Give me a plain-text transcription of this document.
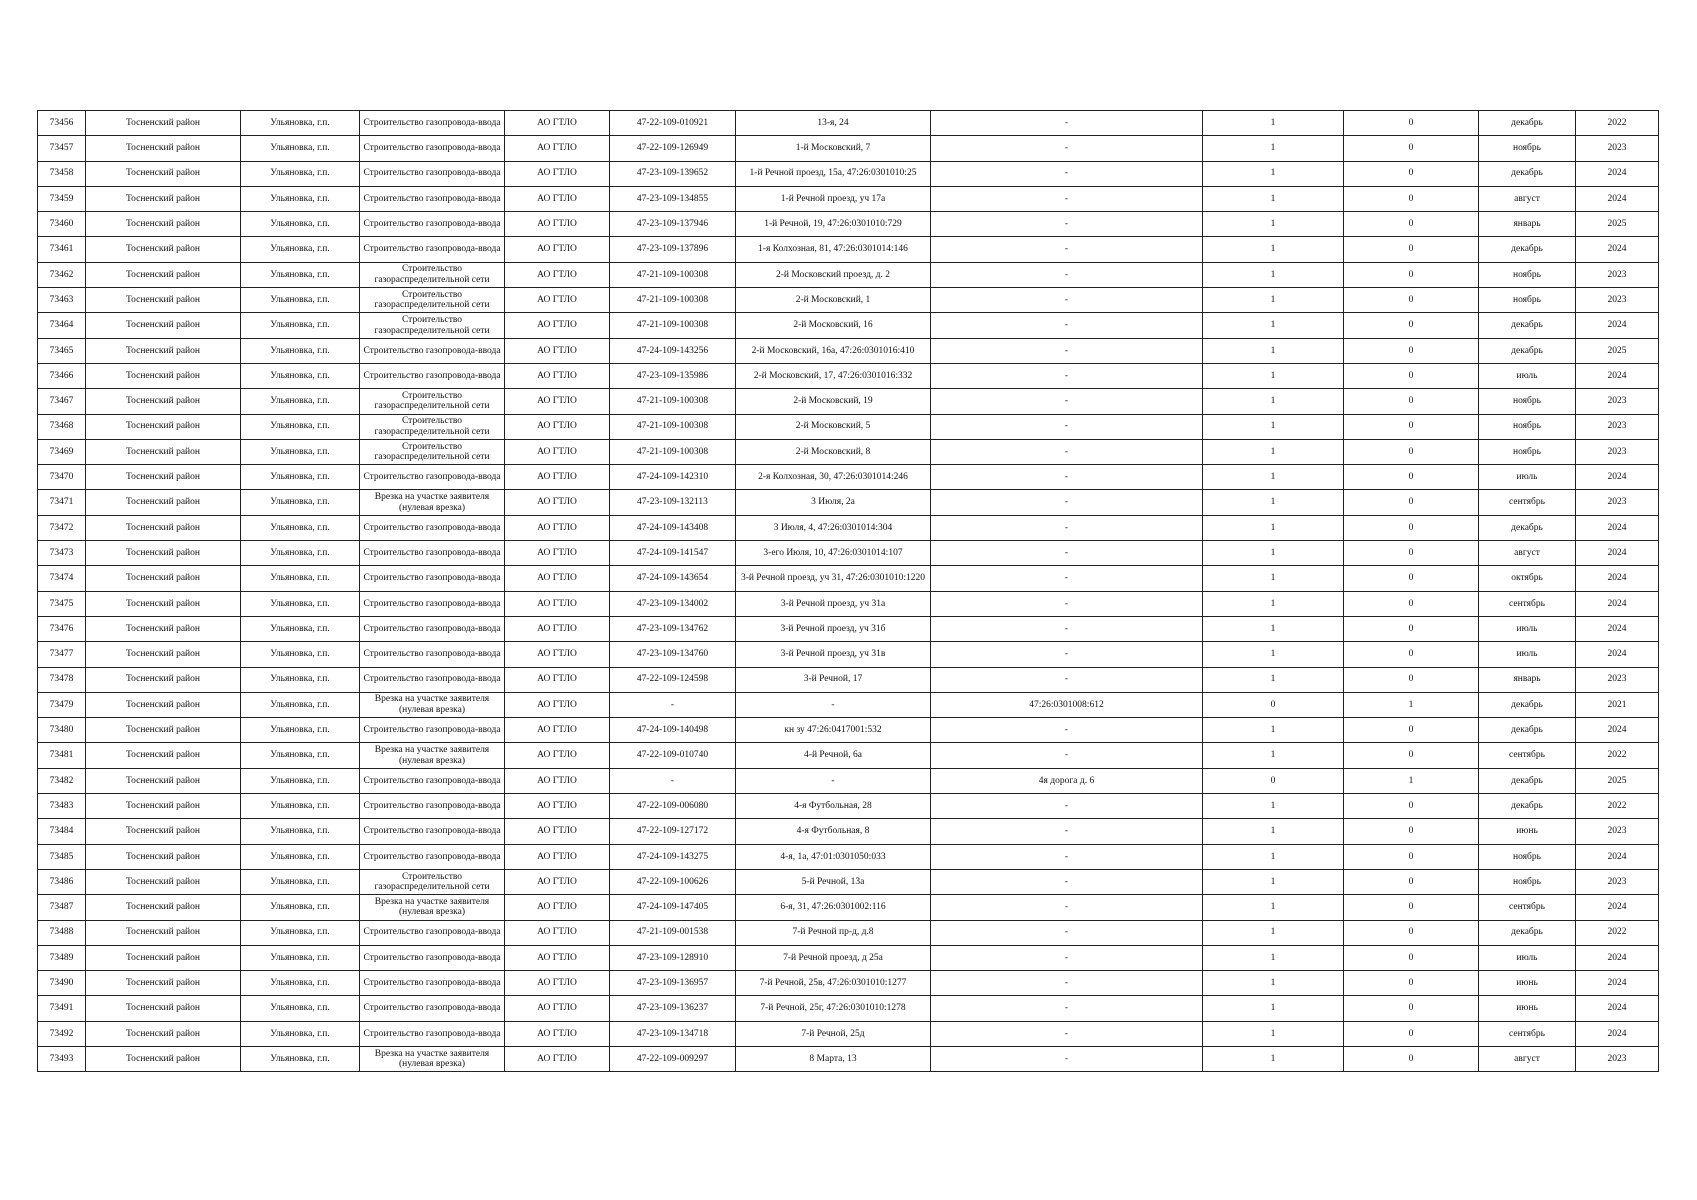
73456	Тосненский район	Ульяновка, г.п.	Строительство газопровода-ввода	АО ГТЛО	47-22-109-010921	13-я, 24	-	1	0	декабрь	2022
73457	Тосненский район	Ульяновка, г.п.	Строительство газопровода-ввода	АО ГТЛО	47-22-109-126949	1-й Московский, 7	-	1	0	ноябрь	2023
73458	Тосненский район	Ульяновка, г.п.	Строительство газопровода-ввода	АО ГТЛО	47-23-109-139652	1-й Речной проезд, 15а, 47:26:0301010:25	-	1	0	декабрь	2024
73459	Тосненский район	Ульяновка, г.п.	Строительство газопровода-ввода	АО ГТЛО	47-23-109-134855	1-й Речной проезд, уч 17а	-	1	0	август	2024
73460	Тосненский район	Ульяновка, г.п.	Строительство газопровода-ввода	АО ГТЛО	47-23-109-137946	1-й Речной, 19, 47:26:0301010:729	-	1	0	январь	2025
73461	Тосненский район	Ульяновка, г.п.	Строительство газопровода-ввода	АО ГТЛО	47-23-109-137896	1-я Колхозная, 81, 47:26:0301014:146	-	1	0	декабрь	2024
73462	Тосненский район	Ульяновка, г.п.	Строительство газораспределительной сети	АО ГТЛО	47-21-109-100308	2-й Московский проезд, д. 2	-	1	0	ноябрь	2023
73463	Тосненский район	Ульяновка, г.п.	Строительство газораспределительной сети	АО ГТЛО	47-21-109-100308	2-й Московский, 1	-	1	0	ноябрь	2023
73464	Тосненский район	Ульяновка, г.п.	Строительство газораспределительной сети	АО ГТЛО	47-21-109-100308	2-й Московский, 16	-	1	0	декабрь	2024
73465	Тосненский район	Ульяновка, г.п.	Строительство газопровода-ввода	АО ГТЛО	47-24-109-143256	2-й Московский, 16а, 47:26:0301016:410	-	1	0	декабрь	2025
73466	Тосненский район	Ульяновка, г.п.	Строительство газопровода-ввода	АО ГТЛО	47-23-109-135986	2-й Московский, 17, 47:26:0301016:332	-	1	0	июль	2024
73467	Тосненский район	Ульяновка, г.п.	Строительство газораспределительной сети	АО ГТЛО	47-21-109-100308	2-й Московский, 19	-	1	0	ноябрь	2023
73468	Тосненский район	Ульяновка, г.п.	Строительство газораспределительной сети	АО ГТЛО	47-21-109-100308	2-й Московский, 5	-	1	0	ноябрь	2023
73469	Тосненский район	Ульяновка, г.п.	Строительство газораспределительной сети	АО ГТЛО	47-21-109-100308	2-й Московский, 8	-	1	0	ноябрь	2023
73470	Тосненский район	Ульяновка, г.п.	Строительство газопровода-ввода	АО ГТЛО	47-24-109-142310	2-я Колхозная, 30, 47:26:0301014:246	-	1	0	июль	2024
73471	Тосненский район	Ульяновка, г.п.	Врезка на участке заявителя (нулевая врезка)	АО ГТЛО	47-23-109-132113	3 Июля, 2а	-	1	0	сентябрь	2023
73472	Тосненский район	Ульяновка, г.п.	Строительство газопровода-ввода	АО ГТЛО	47-24-109-143408	3 Июля, 4, 47:26:0301014:304	-	1	0	декабрь	2024
73473	Тосненский район	Ульяновка, г.п.	Строительство газопровода-ввода	АО ГТЛО	47-24-109-141547	3-его Июля, 10, 47:26:0301014:107	-	1	0	август	2024
73474	Тосненский район	Ульяновка, г.п.	Строительство газопровода-ввода	АО ГТЛО	47-24-109-143654	3-й Речной проезд, уч 31, 47:26:0301010:1220	-	1	0	октябрь	2024
73475	Тосненский район	Ульяновка, г.п.	Строительство газопровода-ввода	АО ГТЛО	47-23-109-134002	3-й Речной проезд, уч 31а	-	1	0	сентябрь	2024
73476	Тосненский район	Ульяновка, г.п.	Строительство газопровода-ввода	АО ГТЛО	47-23-109-134762	3-й Речной проезд, уч 31б	-	1	0	июль	2024
73477	Тосненский район	Ульяновка, г.п.	Строительство газопровода-ввода	АО ГТЛО	47-23-109-134760	3-й Речной проезд, уч 31в	-	1	0	июль	2024
73478	Тосненский район	Ульяновка, г.п.	Строительство газопровода-ввода	АО ГТЛО	47-22-109-124598	3-й Речной, 17	-	1	0	январь	2023
73479	Тосненский район	Ульяновка, г.п.	Врезка на участке заявителя (нулевая врезка)	АО ГТЛО	-	-	47:26:0301008:612	0	1	декабрь	2021
73480	Тосненский район	Ульяновка, г.п.	Строительство газопровода-ввода	АО ГТЛО	47-24-109-140498	кн зу 47:26:0417001:532	-	1	0	декабрь	2024
73481	Тосненский район	Ульяновка, г.п.	Врезка на участке заявителя (нулевая врезка)	АО ГТЛО	47-22-109-010740	4-й Речной, 6а	-	1	0	сентябрь	2022
73482	Тосненский район	Ульяновка, г.п.	Строительство газопровода-ввода	АО ГТЛО	-	-	4я дорога д. 6	0	1	декабрь	2025
73483	Тосненский район	Ульяновка, г.п.	Строительство газопровода-ввода	АО ГТЛО	47-22-109-006080	4-я Футбольная, 28	-	1	0	декабрь	2022
73484	Тосненский район	Ульяновка, г.п.	Строительство газопровода-ввода	АО ГТЛО	47-22-109-127172	4-я Футбольная, 8	-	1	0	июнь	2023
73485	Тосненский район	Ульяновка, г.п.	Строительство газопровода-ввода	АО ГТЛО	47-24-109-143275	4-я, 1а, 47:01:0301050:033	-	1	0	ноябрь	2024
73486	Тосненский район	Ульяновка, г.п.	Строительство газораспределительной сети	АО ГТЛО	47-22-109-100626	5-й Речной, 13а	-	1	0	ноябрь	2023
73487	Тосненский район	Ульяновка, г.п.	Врезка на участке заявителя (нулевая врезка)	АО ГТЛО	47-24-109-147405	6-я, 31, 47:26:0301002:116	-	1	0	сентябрь	2024
73488	Тосненский район	Ульяновка, г.п.	Строительство газопровода-ввода	АО ГТЛО	47-21-109-001538	7-й Речной пр-д, д.8	-	1	0	декабрь	2022
73489	Тосненский район	Ульяновка, г.п.	Строительство газопровода-ввода	АО ГТЛО	47-23-109-128910	7-й Речной проезд, д 25а	-	1	0	июль	2024
73490	Тосненский район	Ульяновка, г.п.	Строительство газопровода-ввода	АО ГТЛО	47-23-109-136957	7-й Речной, 25в, 47:26:0301010:1277	-	1	0	июнь	2024
73491	Тосненский район	Ульяновка, г.п.	Строительство газопровода-ввода	АО ГТЛО	47-23-109-136237	7-й Речной, 25г, 47:26:0301010:1278	-	1	0	июнь	2024
73492	Тосненский район	Ульяновка, г.п.	Строительство газопровода-ввода	АО ГТЛО	47-23-109-134718	7-й Речной, 25д	-	1	0	сентябрь	2024
73493	Тосненский район	Ульяновка, г.п.	Врезка на участке заявителя (нулевая врезка)	АО ГТЛО	47-22-109-009297	8 Марта, 13	-	1	0	август	2023
